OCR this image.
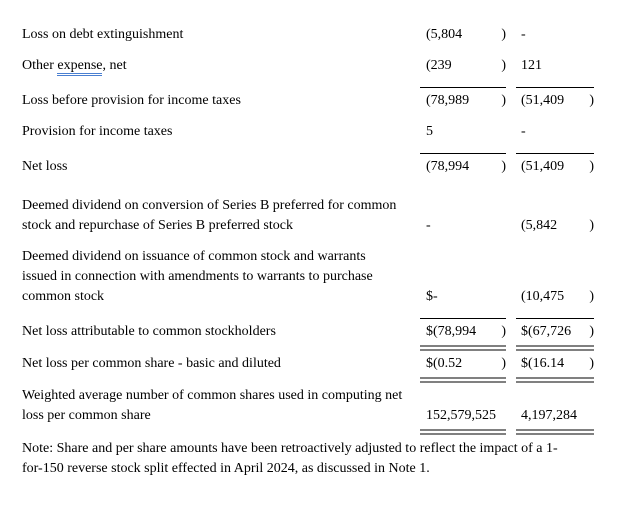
Loss on debt extinguishment	(5,804	) -
Other expense, net	(239	) 121
Loss before provision for income taxes	(78,989 ) (51,409 )
Provision for income taxes	5	-
Net loss	(78,994 ) (51,409 )
Deemed dividend on conversion of Series B preferred for common
stock and repurchase of Series B preferred stock	-	(5,842 )
Deemed dividend on issuance of common stock and warrants
issued in connection with amendments to warrants to purchase
common stock	$-	(10,475 )
Net loss attributable to common stockholders	$(78,994 ) $(67,726 )
Net loss per common share - basic and diluted	$(0.52	) $(16.14 )
Weighted average number of common shares used in computing net
loss per common share	152,579,525 4,197,284
Note: Share and per share amounts have been retroactively adjusted to reflect the impact of a 1-
for-150 reverse stock split effected in April 2024, as discussed in Note 1.
